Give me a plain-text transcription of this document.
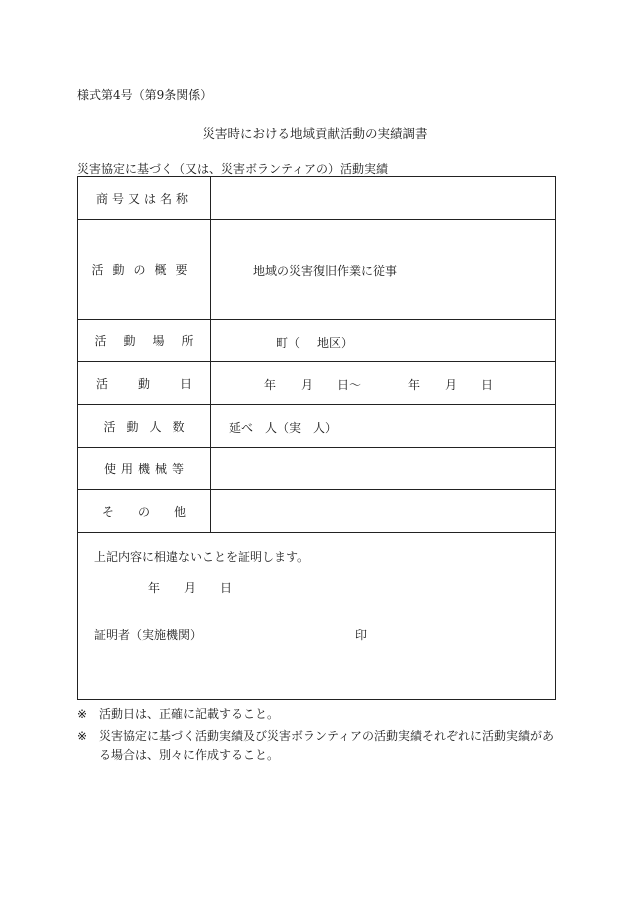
様式第4号（第9条関係）
災害時における地域貢献活動の実績調書
災害協定に基づく（又は、災害ボランティアの）活動実績
商号又は名称
活動の概要	地域の災害復旧作業に従事
活動場所	町（ 地区）
活動日	年 月 日～	年 月 日
活動人数	延べ　人（実　人）
使用機械等
その他
上記内容に相違ないことを証明します。
年 月 日
証明者（実施機関）	印
※ 活動日は、正確に記載すること。
※ 災害協定に基づく活動実績及び災害ボランティアの活動実績それぞれに活動実績があ
る場合は、別々に作成すること。
